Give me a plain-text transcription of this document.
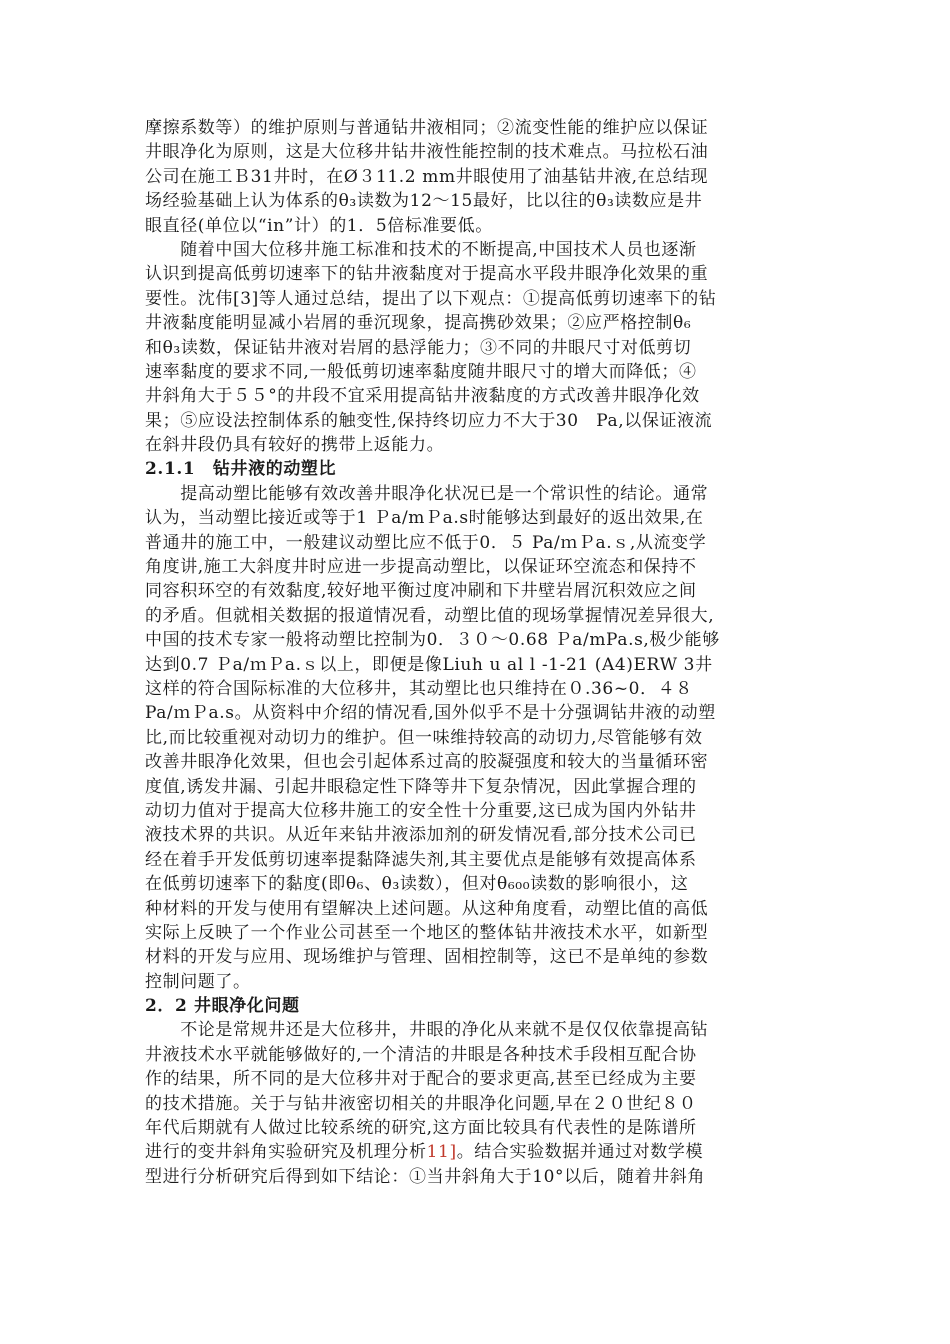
摩擦系数等）的维护原则与普通钻井液相同；②流变性能的维护应以保证
井眼净化为原则，这是大位移井钻井液性能控制的技术难点。马拉松石油
公司在施工Ｂ31井时，在Ø３11.2 mm井眼使用了油基钻井液,在总结现
场经验基础上认为体系的θ₃读数为12～15最好，比以往的θ₃读数应是井
眼直径(单位以“in”计）的1．5倍标准要低。
　　随着中国大位移井施工标准和技术的不断提高,中国技术人员也逐渐
认识到提高低剪切速率下的钻井液黏度对于提高水平段井眼净化效果的重
要性。沈伟[3]等人通过总结，提出了以下观点：①提高低剪切速率下的钻
井液黏度能明显减小岩屑的垂沉现象，提高携砂效果；②应严格控制θ₆
和θ₃读数，保证钻井液对岩屑的悬浮能力；③不同的井眼尺寸对低剪切
速率黏度的要求不同,一般低剪切速率黏度随井眼尺寸的增大而降低；④
井斜角大于５５°的井段不宜采用提高钻井液黏度的方式改善井眼净化效
果；⑤应设法控制体系的触变性,保持终切应力不大于30　Pa,以保证液流
在斜井段仍具有较好的携带上返能力。
2.1.1　钻井液的动塑比
　　提高动塑比能够有效改善井眼净化状况已是一个常识性的结论。通常
认为，当动塑比接近或等于1 Ｐa/mＰa.s时能够达到最好的返出效果,在
普通井的施工中，一般建议动塑比应不低于0．５ Pa/ｍＰa.ｓ,从流变学
角度讲,施工大斜度井时应进一步提高动塑比，以保证环空流态和保持不
同容积环空的有效黏度,较好地平衡过度冲刷和下井壁岩屑沉积效应之间
的矛盾。但就相关数据的报道情况看，动塑比值的现场掌握情况差异很大,
中国的技术专家一般将动塑比控制为0．３０～0.68 Ｐa/mPa.s,极少能够
达到0.7 Ｐa/ｍＰa.ｓ以上，即便是像Liuh u al l -1-21 (A4)ERW 3井
这样的符合国际标准的大位移井，其动塑比也只维持在０.36~0．４８
Pa/ｍＰa.s。从资料中介绍的情况看,国外似乎不是十分强调钻井液的动塑
比,而比较重视对动切力的维护。但一味维持较高的动切力,尽管能够有效
改善井眼净化效果，但也会引起体系过高的胶凝强度和较大的当量循环密
度值,诱发井漏、引起井眼稳定性下降等井下复杂情况，因此掌握合理的
动切力值对于提高大位移井施工的安全性十分重要,这已成为国内外钻井
液技术界的共识。从近年来钻井液添加剂的研发情况看,部分技术公司已
经在着手开发低剪切速率提黏降滤失剂,其主要优点是能够有效提高体系
在低剪切速率下的黏度(即θ₆、θ₃读数），但对θ₆₀₀读数的影响很小，这
种材料的开发与使用有望解决上述问题。从这种角度看，动塑比值的高低
实际上反映了一个作业公司甚至一个地区的整体钻井液技术水平，如新型
材料的开发与应用、现场维护与管理、固相控制等，这已不是单纯的参数
控制问题了。
2．2 井眼净化问题
　　不论是常规井还是大位移井，井眼的净化从来就不是仅仅依靠提高钻
井液技术水平就能够做好的,一个清洁的井眼是各种技术手段相互配合协
作的结果，所不同的是大位移井对于配合的要求更高,甚至已经成为主要
的技术措施。关于与钻井液密切相关的井眼净化问题,早在２０世纪８０
年代后期就有人做过比较系统的研究,这方面比较具有代表性的是陈谱所
进行的变井斜角实验研究及机理分析11]。结合实验数据并通过对数学模
型进行分析研究后得到如下结论：①当井斜角大于10°以后，随着井斜角
